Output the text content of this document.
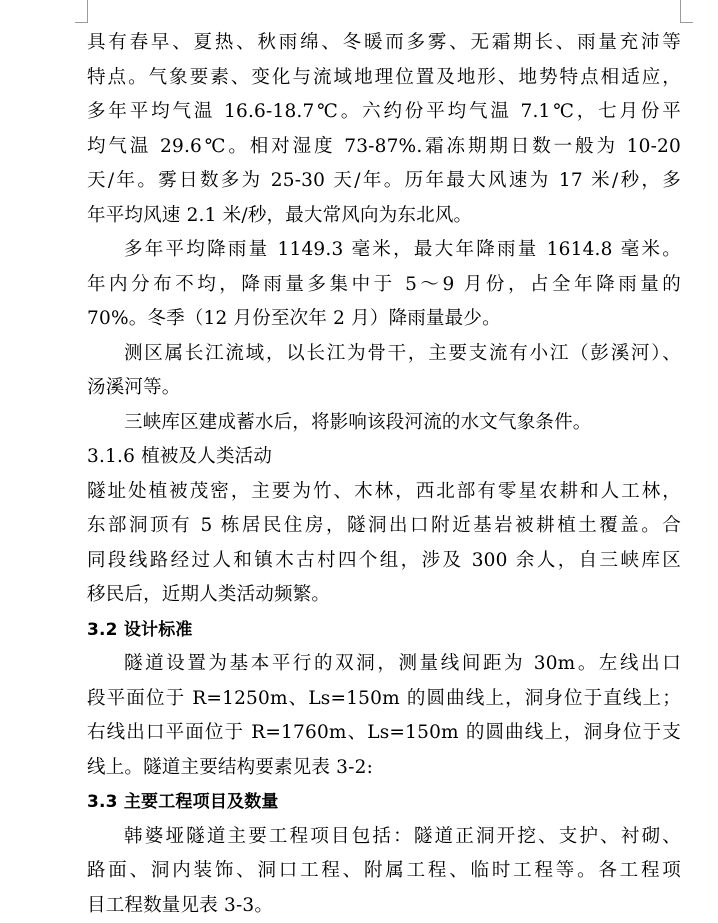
具有春早、夏热、秋雨绵、冬暖而多雾、无霜期长、雨量充沛等
特点。气象要素、变化与流域地理位置及地形、地势特点相适应，
多年平均气温 16.6-18.7℃。六约份平均气温 7.1℃，七月份平
均气温 29.6℃。相对湿度 73-87%.霜冻期期日数一般为 10-20
天/年。雾日数多为 25-30 天/年。历年最大风速为 17 米/秒，多
年平均风速 2.1 米/秒，最大常风向为东北风。
多年平均降雨量 1149.3 毫米，最大年降雨量 1614.8 毫米。
年内分布不均，降雨量多集中于 5～9 月份，占全年降雨量的
70%。冬季（12 月份至次年 2 月）降雨量最少。
测区属长江流域，以长江为骨干，主要支流有小江（彭溪河）、
汤溪河等。
三峡库区建成蓄水后，将影响该段河流的水文气象条件。
3.1.6 植被及人类活动
隧址处植被茂密，主要为竹、木林，西北部有零星农耕和人工林，
东部洞顶有 5 栋居民住房，隧洞出口附近基岩被耕植土覆盖。合
同段线路经过人和镇木古村四个组，涉及 300 余人，自三峡库区
移民后，近期人类活动频繁。
3.2 设计标准
隧道设置为基本平行的双洞，测量线间距为 30m。左线出口
段平面位于 R=1250m、Ls=150m 的圆曲线上，洞身位于直线上；
右线出口平面位于 R=1760m、Ls=150m 的圆曲线上，洞身位于支
线上。隧道主要结构要素见表 3-2:
3.3 主要工程项目及数量
韩婆垭隧道主要工程项目包括：隧道正洞开挖、支护、衬砌、
路面、洞内装饰、洞口工程、附属工程、临时工程等。各工程项
目工程数量见表 3-3。
